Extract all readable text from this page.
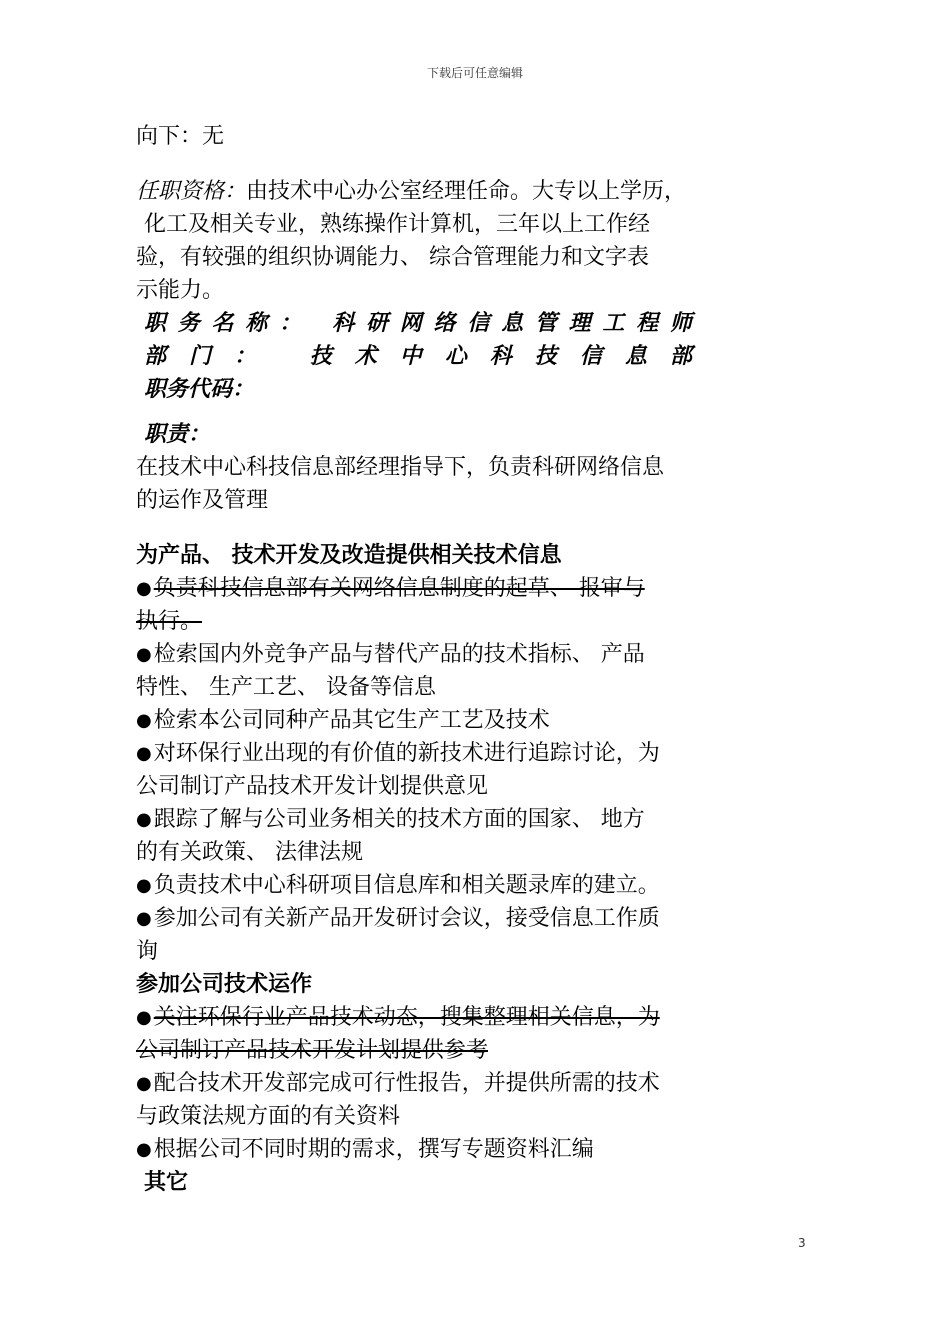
下载后可任意编辑

向下：无

任职资格：由技术中心办公室经理任命。大专以上学历，
化工及相关专业，熟练操作计算机，三年以上工作经
验，有较强的组织协调能力、 综合管理能力和文字表
示能力。

职 务 名 称 ：
科 研 网 络 信 息 管 理 工 程 师
部 门 ：
技 术 中 心 科 技 信 息 部

职务代码：

职责：

在技术中心科技信息部经理指导下，负责科研网络信息
的运作及管理

为产品、 技术开发及改造提供相关技术信息

●负责科技信息部有关网络信息制度的起草、 报审与
执行。

●检索国内外竞争产品与替代产品的技术指标、 产品
特性、 生产工艺、 设备等信息

●检索本公司同种产品其它生产工艺及技术

●对环保行业出现的有价值的新技术进行追踪讨论，为
公司制订产品技术开发计划提供意见

●跟踪了解与公司业务相关的技术方面的国家、 地方
的有关政策、 法律法规

●负责技术中心科研项目信息库和相关题录库的建立。

●参加公司有关新产品开发研讨会议，接受信息工作质
询

参加公司技术运作

●关注环保行业产品技术动态，搜集整理相关信息，为
公司制订产品技术开发计划提供参考

●配合技术开发部完成可行性报告，并提供所需的技术
与政策法规方面的有关资料

●根据公司不同时期的需求，撰写专题资料汇编

其它

3
